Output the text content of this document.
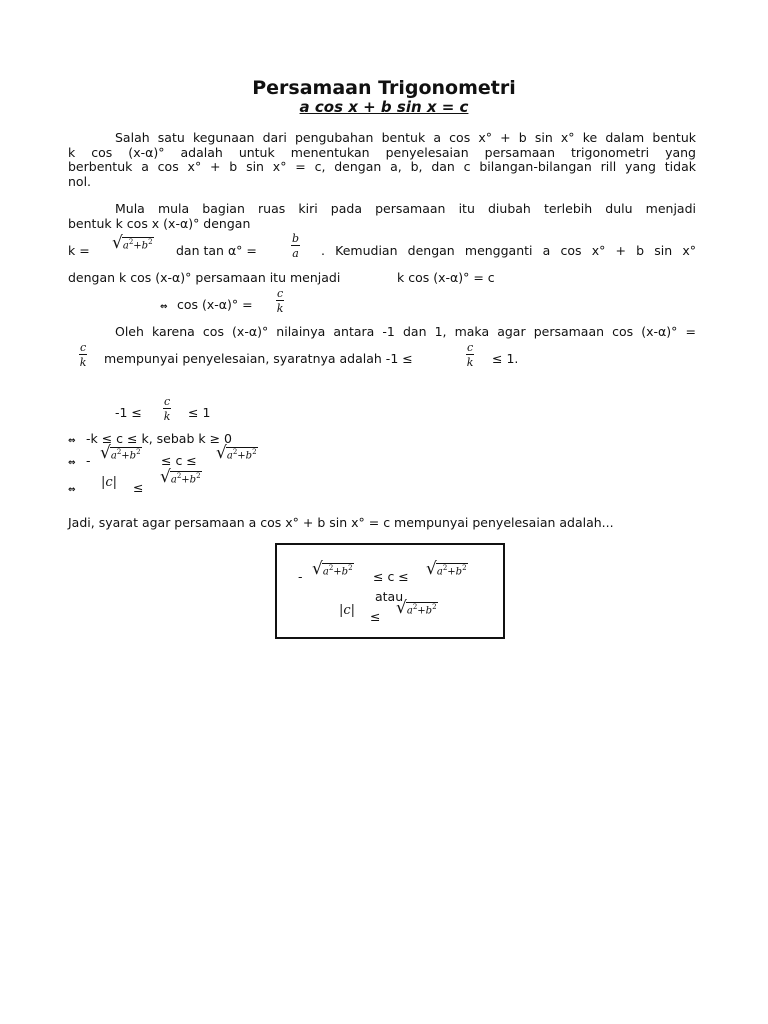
Persamaan Trigonometri
a cos x + b sin x = c
Salah satu kegunaan dari pengubahan bentuk a cos x° + b sin x° ke dalam bentuk
k cos (x-α)° adalah untuk menentukan penyelesaian persamaan trigonometri yang
berbentuk a cos x° + b sin x° = c, dengan a, b, dan c bilangan-bilangan rill yang tidak
nol.
Mula mula bagian ruas kiri pada persamaan itu diubah terlebih dulu menjadi
bentuk k cos x (x-α)° dengan
k = √ $a^2+b^2$
dan tan α° =	$\frac{b}{a}$ . Kemudian dengan mengganti a cos x° + b sin x°
dengan k cos (x-α)° persamaan itu menjadi	k cos (x-α)° = c
⇔ $\cos (x-\alpha)^\circ = \frac{c}{k}$
Oleh karena cos (x-α)° nilainya antara -1 dan 1, maka agar persamaan cos (x-α)° =
$\frac{c}{k}$ mempunyai penyelesaian, syaratnya adalah -1 ≤	$\frac{c}{k} \le 1$.
$-1 \le \frac{c}{k} \le 1$
⇔ -k ≤ c ≤ k, sebab k ≥ 0
⇔ - √ $a^2+b^2$
≤ c ≤ √ $a^2+b^2$
⇔ |c| ≤
√ $a^2+b^2$
Jadi, syarat agar persamaan a cos x° + b sin x° = c mempunyai penyelesaian adalah...
- √ $a^2+b^2$
≤ c ≤ √ $a^2+b^2$
atau
|c| ≤ √ $a^2+b^2$
